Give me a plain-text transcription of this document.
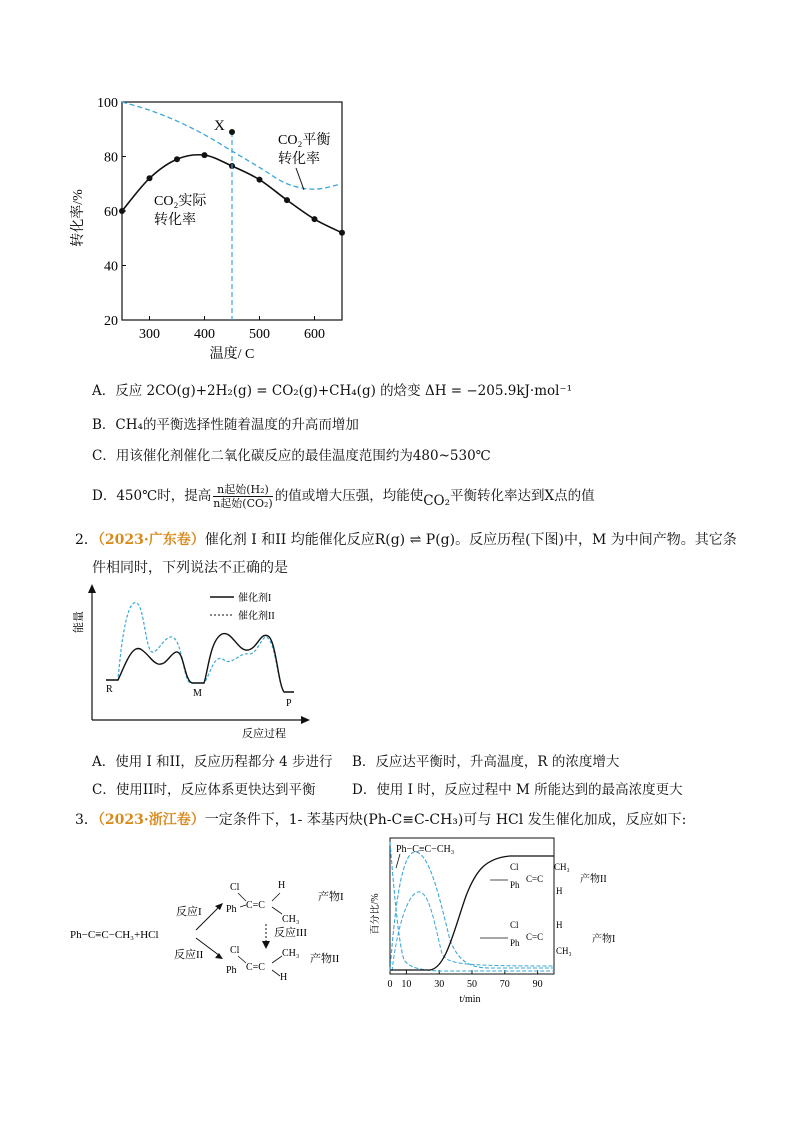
转化率/%
20
40
60
80
100
300 400 500 600
X
CO₂平衡
转化率
CO₂实际
转化率
温度/ C
A．反应 2CO(g)+2H₂(g) = CO₂(g)+CH₄(g) 的焓变 ΔH = −205.9kJ·mol⁻¹
B．CH₄的平衡选择性随着温度的升高而增加
C．用该催化剂催化二氧化碳反应的最佳温度范围约为480~530℃
D．450℃时，提高 $\frac{\text{n起始(H₂)}}{\text{n起始(CO₂)}}$ 的值或增大压强，均能使 CO₂ 平衡转化率达到X点的值
2．（2023·广东卷）催化剂 I 和II 均能催化反应R(g) ⇌ P(g)。反应历程(下图)中，M 为中间产物。其它条
件相同时，下列说法不正确的是
能量
反应过程
催化剂I
催化剂II
R	M
P
A．使用 I 和II，反应历程都分 4 步进行 B．反应达平衡时，升高温度，R 的浓度增大
C．使用II时，反应体系更快达到平衡	D．使用 I 时，反应过程中 M 所能达到的最高浓度更大
3．（2023·浙江卷）一定条件下，1- 苯基丙炔(Ph-C≡C-CH₃)可与 HCl 发生催化加成，反应如下:
Ph−C≡C−CH₃+HCl
反应I
反应II
Cl
Ph C=C
H
CH₃
产物I
反应III
Cl
Ph C=C
CH₃
H
产物II
百分比/%
0 10 30 50 70 90
Ph−C≡C−CH₃
Cl
Ph
C=C
CH₃
H
产物II
Cl
Ph
C=C
H
CH₃
产物I
t/min
